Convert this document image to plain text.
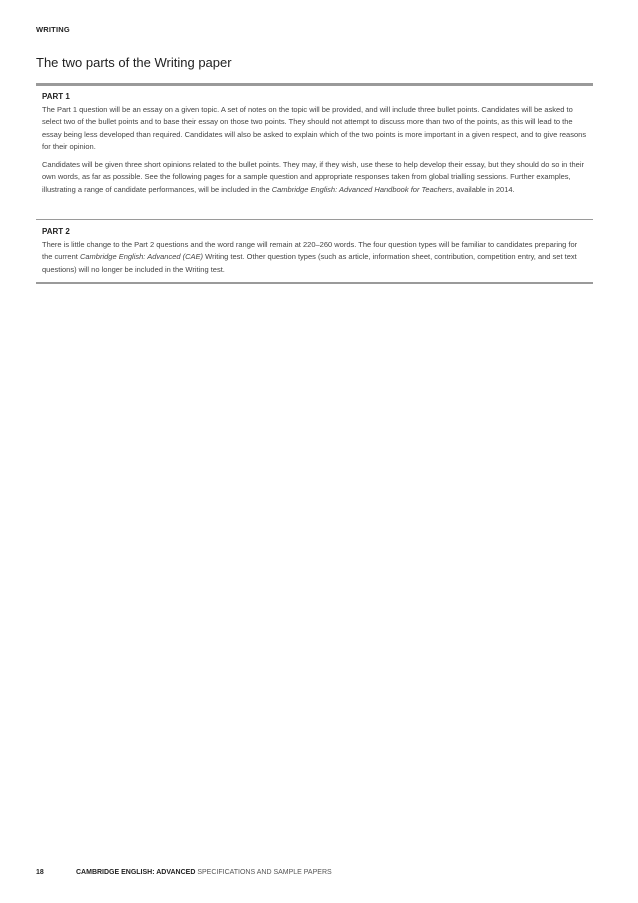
WRITING
The two parts of the Writing paper

PART 1

The Part 1 question will be an essay on a given topic. A set of notes on the topic will be provided, and will include three bullet points. Candidates will be asked to select two of the bullet points and to base their essay on those two points. They should not attempt to discuss more than two of the points, as this will lead to the essay being less developed than required. Candidates will also be asked to explain which of the two points is more important in a given respect, and to give reasons for their opinion.

Candidates will be given three short opinions related to the bullet points. They may, if they wish, use these to help develop their essay, but they should do so in their own words, as far as possible. See the following pages for a sample question and appropriate responses taken from global trialling sessions. Further examples, illustrating a range of candidate performances, will be included in the Cambridge English: Advanced Handbook for Teachers, available in 2014.

PART 2

There is little change to the Part 2 questions and the word range will remain at 220–260 words. The four question types will be familiar to candidates preparing for the current Cambridge English: Advanced (CAE) Writing test. Other question types (such as article, information sheet, contribution, competition entry, and set text questions) will no longer be included in the Writing test.

18	CAMBRIDGE ENGLISH: ADVANCED SPECIFICATIONS AND SAMPLE PAPERS
